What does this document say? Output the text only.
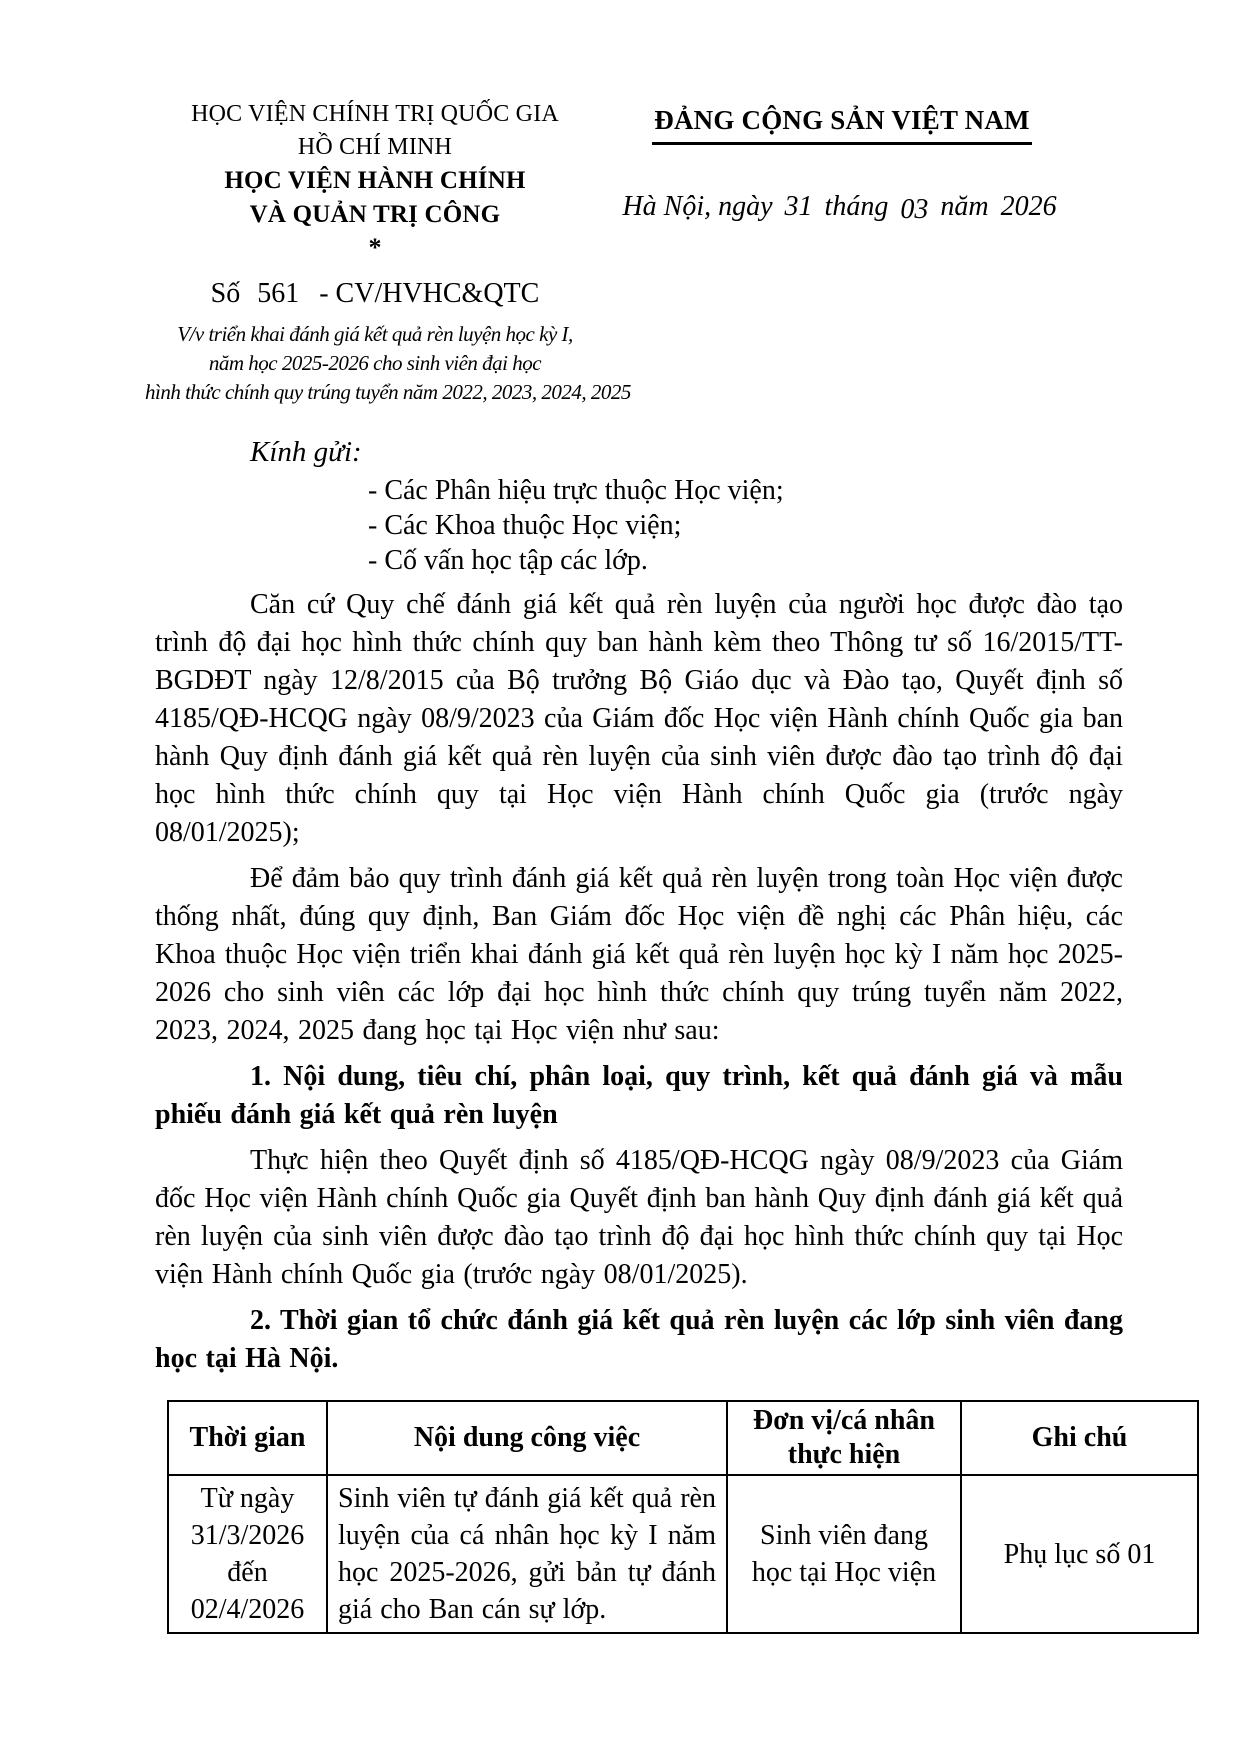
HỌC VIỆN CHÍNH TRỊ QUỐC GIA
HỒ CHÍ MINH
HỌC VIỆN HÀNH CHÍNH
VÀ QUẢN TRỊ CÔNG
*
Số 561 - CV/HVHC&QTC
V/v triển khai đánh giá kết quả rèn luyện học kỳ I,
năm học 2025-2026 cho sinh viên đại học
hình thức chính quy trúng tuyển năm 2022, 2023, 2024, 2025
ĐẢNG CỘNG SẢN VIỆT NAM
Hà Nội, ngày 31 tháng 03 năm 2026
Kính gửi:
- Các Phân hiệu trực thuộc Học viện;
- Các Khoa thuộc Học viện;
- Cố vấn học tập các lớp.

Căn cứ Quy chế đánh giá kết quả rèn luyện của người học được đào tạo trình độ đại học hình thức chính quy ban hành kèm theo Thông tư số 16/2015/TT-BGDĐT ngày 12/8/2015 của Bộ trưởng Bộ Giáo dục và Đào tạo, Quyết định số 4185/QĐ-HCQG ngày 08/9/2023 của Giám đốc Học viện Hành chính Quốc gia ban hành Quy định đánh giá kết quả rèn luyện của sinh viên được đào tạo trình độ đại học hình thức chính quy tại Học viện Hành chính Quốc gia (trước ngày 08/01/2025);

Để đảm bảo quy trình đánh giá kết quả rèn luyện trong toàn Học viện được thống nhất, đúng quy định, Ban Giám đốc Học viện đề nghị các Phân hiệu, các Khoa thuộc Học viện triển khai đánh giá kết quả rèn luyện học kỳ I năm học 2025-2026 cho sinh viên các lớp đại học hình thức chính quy trúng tuyển năm 2022, 2023, 2024, 2025 đang học tại Học viện như sau:

1. Nội dung, tiêu chí, phân loại, quy trình, kết quả đánh giá và mẫu phiếu đánh giá kết quả rèn luyện

Thực hiện theo Quyết định số 4185/QĐ-HCQG ngày 08/9/2023 của Giám đốc Học viện Hành chính Quốc gia Quyết định ban hành Quy định đánh giá kết quả rèn luyện của sinh viên được đào tạo trình độ đại học hình thức chính quy tại Học viện Hành chính Quốc gia (trước ngày 08/01/2025).

2. Thời gian tổ chức đánh giá kết quả rèn luyện các lớp sinh viên đang học tại Hà Nội.

Thời gian	Nội dung công việc	Đơn vị/cá nhân thực hiện	Ghi chú

Từ ngày
31/3/2026
đến
02/4/2026	Sinh viên tự đánh giá kết quả rèn luyện của cá nhân học kỳ I năm học 2025-2026, gửi bản tự đánh giá cho Ban cán sự lớp.	Sinh viên đang học tại Học viện	Phụ lục số 01
